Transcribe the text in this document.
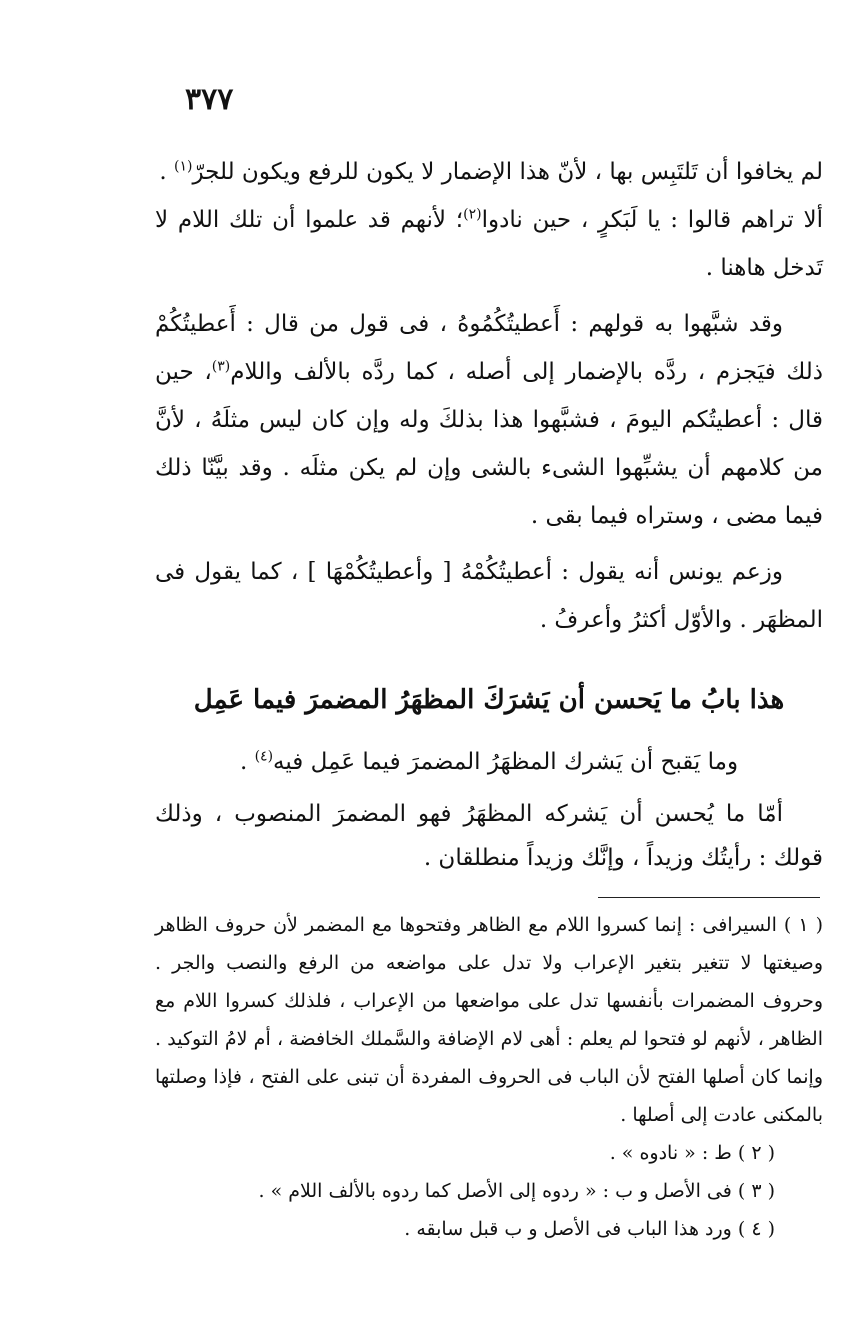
٣٧٧

لم يخافوا أن تَلتَبِس بها ، لأنّ هذا الإضمار لا يكون للرفع ويكون للجرّ$^{(١)}$ .
ألا تراهم قالوا : يا لَبَكرٍ ، حين نادوا$^{(٢)}$؛ لأنهم قد علموا أن تلك اللام لا تَدخل هاهنا .

وقد شبَّهوا به قولهم : أَعطيتُكُمُوهُ ، فى قول من قال : أَعطيتُكُمْ ذلك فيَجزم ، ردَّه بالإضمار إلى أصله ، كما ردَّه بالألف واللام$^{(٣)}$، حين قال : أعطيتُكم اليومَ ، فشبَّهوا هذا بذلكَ وله وإن كان ليس مثلَهُ ، لأنَّ من كلامهم أن يشبِّهوا الشىء بالشى وإن لم يكن مثلَه . وقد بيَّنّا ذلك فيما مضى ، وستراه فيما بقى .

وزعم يونس أنه يقول : أعطيتُكُمْهُ [ وأعطيتُكُمْهَا ] ، كما يقول فى المظهَر . والأوّل أكثرُ وأعرفُ .

هذا بابُ ما يَحسن أن يَشرَكَ المظهَرُ المضمرَ فيما عَمِل
وما يَقبح أن يَشرك المظهَرُ المضمرَ فيما عَمِل فيه$^{(٤)}$ .

أمّا ما يُحسن أن يَشركه المظهَرُ فهو المضمرَ المنصوب ، وذلك قولك : رأيتُك وزيداً ، وإنَّك وزيداً منطلقان .

( ١ ) السيرافى : إنما كسروا اللام مع الظاهر وفتحوها مع المضمر لأن حروف الظاهر وصيغتها لا تتغير بتغير الإعراب ولا تدل على مواضعه من الرفع والنصب والجر . وحروف المضمرات بأنفسها تدل على مواضعها من الإعراب ، فلذلك كسروا اللام مع الظاهر ، لأنهم لو فتحوا لم يعلم : أهى لام الإضافة والسَّملك الخافضة ، أم لامُ التوكيد . وإنما كان أصلها الفتح لأن الباب فى الحروف المفردة أن تبنى على الفتح ، فإذا وصلتها بالمكنى عادت إلى أصلها .

( ٢ ) ط : « نادوه » .

( ٣ ) فى الأصل و ب : « ردوه إلى الأصل كما ردوه بالألف اللام » .

( ٤ ) ورد هذا الباب فى الأصل و ب قبل سابقه .
